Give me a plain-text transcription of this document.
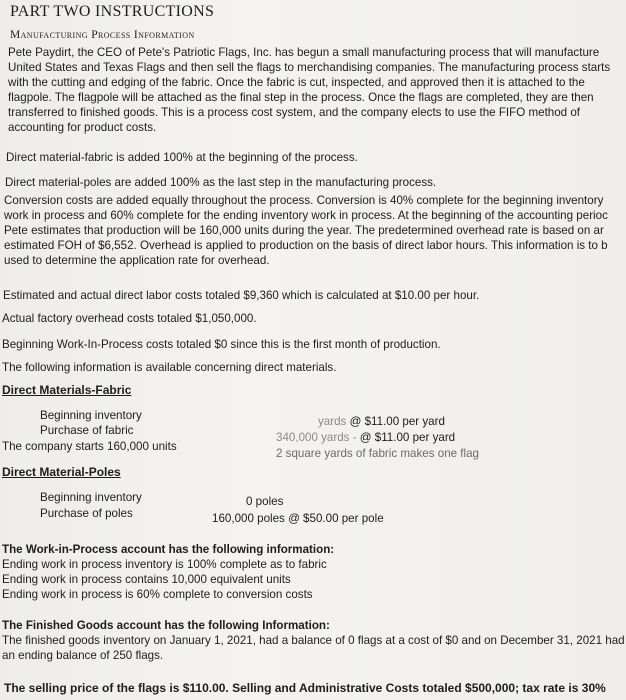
PART TWO INSTRUCTIONS
Manufacturing Process Information
Pete Paydirt, the CEO of Pete's Patriotic Flags, Inc. has begun a small manufacturing process that will manufacture
United States and Texas Flags and then sell the flags to merchandising companies. The manufacturing process starts
with the cutting and edging of the fabric. Once the fabric is cut, inspected, and approved then it is attached to the
flagpole. The flagpole will be attached as the final step in the process. Once the flags are completed, they are then
transferred to finished goods. This is a process cost system, and the company elects to use the FIFO method of
accounting for product costs.
Direct material-fabric is added 100% at the beginning of the process.
Direct material-poles are added 100% as the last step in the manufacturing process.
Conversion costs are added equally throughout the process. Conversion is 40% complete for the beginning inventory
work in process and 60% complete for the ending inventory work in process. At the beginning of the accounting perioc
Pete estimates that production will be 160,000 units during the year. The predetermined overhead rate is based on ar
estimated FOH of $6,552. Overhead is applied to production on the basis of direct labor hours. This information is to b
used to determine the application rate for overhead.
Estimated and actual direct labor costs totaled $9,360 which is calculated at $10.00 per hour.
Actual factory overhead costs totaled $1,050,000.
Beginning Work-In-Process costs totaled $0 since this is the first month of production.
The following information is available concerning direct materials.
Direct Materials-Fabric
Beginning inventory
Purchase of fabric
The company starts 160,000 units
yards @ $11.00 per yard
340,000 yards - @ $11.00 per yard
2 square yards of fabric makes one flag
Direct Material-Poles
Beginning inventory
Purchase of poles
0 poles
160,000 poles @ $50.00 per pole
The Work-in-Process account has the following information:
Ending work in process inventory is 100% complete as to fabric
Ending work in process contains 10,000 equivalent units
Ending work in process is 60% complete to conversion costs
The Finished Goods account has the following Information:
The finished goods inventory on January 1, 2021, had a balance of 0 flags at a cost of $0 and on December 31, 2021 had
an ending balance of 250 flags.
The selling price of the flags is $110.00. Selling and Administrative Costs totaled $500,000; tax rate is 30%
